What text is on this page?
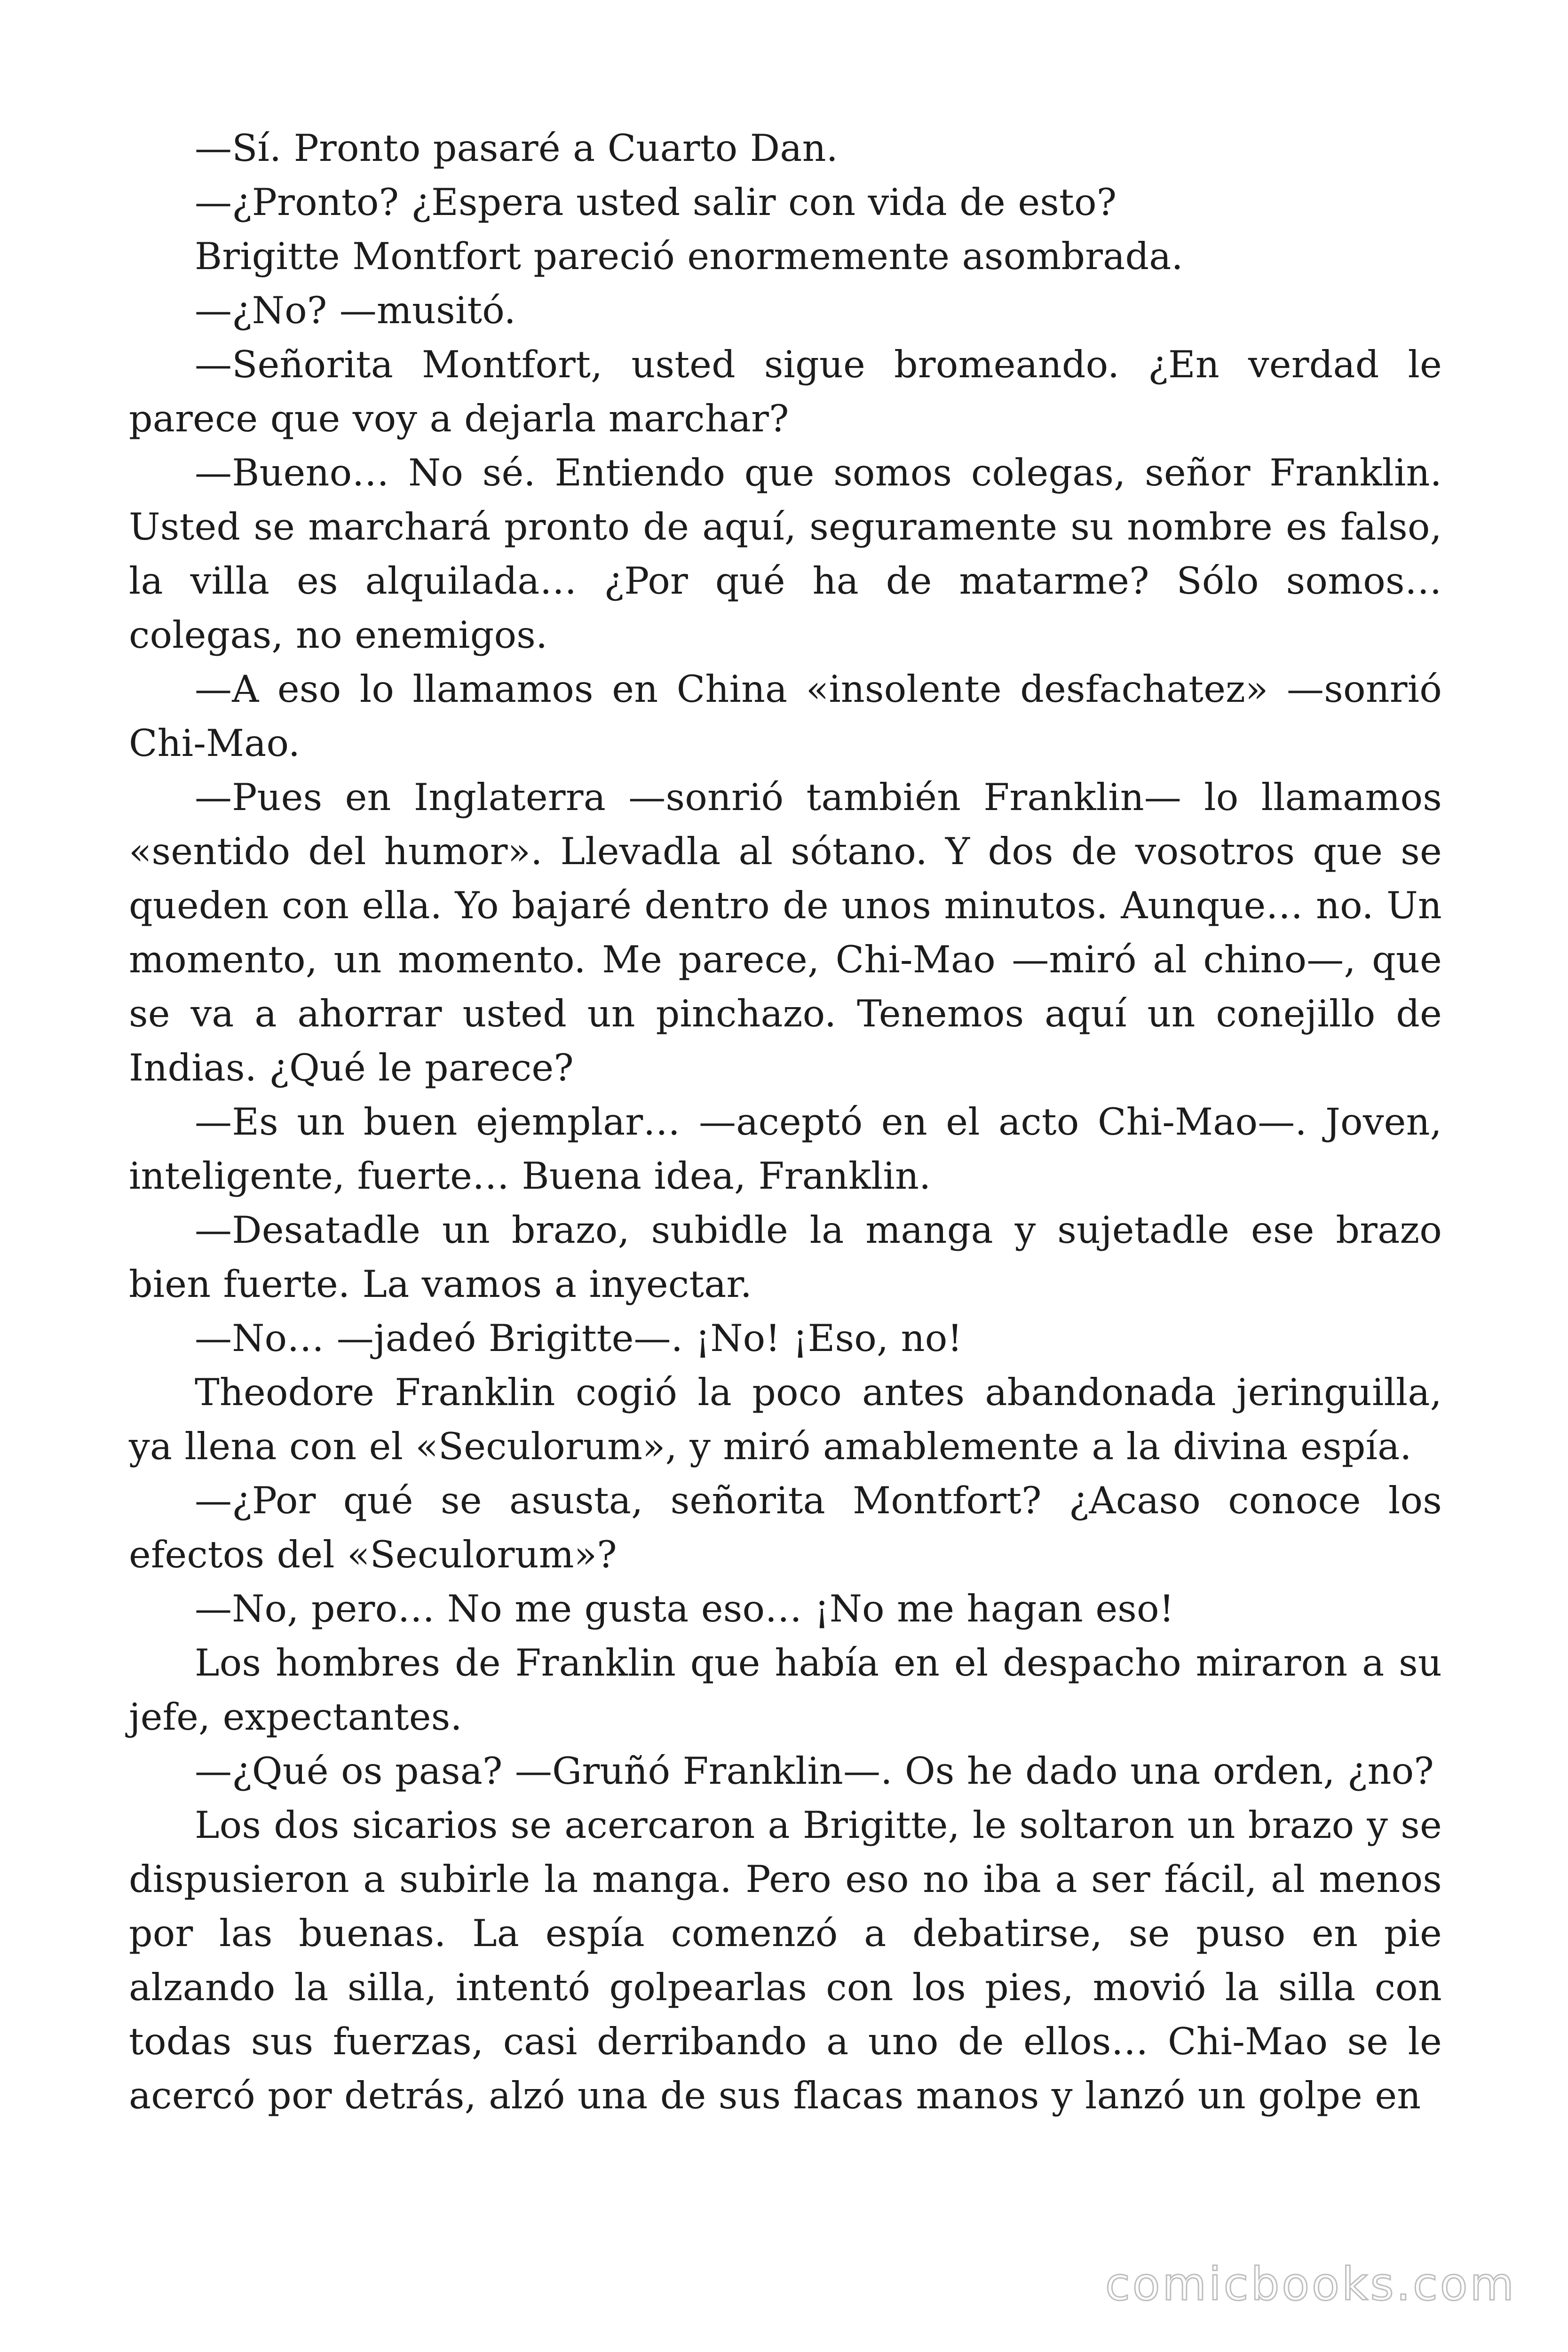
—Sí. Pronto pasaré a Cuarto Dan.

—¿Pronto? ¿Espera usted salir con vida de esto?

Brigitte Montfort pareció enormemente asombrada.

—¿No? —musitó.

—Señorita Montfort, usted sigue bromeando. ¿En verdad le parece que voy a dejarla marchar?

—Bueno… No sé. Entiendo que somos colegas, señor Franklin. Usted se marchará pronto de aquí, seguramente su nombre es falso, la villa es alquilada… ¿Por qué ha de matarme? Sólo somos… colegas, no enemigos.

—A eso lo llamamos en China «insolente desfachatez» —sonrió Chi-Mao.

—Pues en Inglaterra —sonrió también Franklin— lo llamamos «sentido del humor». Llevadla al sótano. Y dos de vosotros que se queden con ella. Yo bajaré dentro de unos minutos. Aunque… no. Un momento, un momento. Me parece, Chi-Mao —miró al chino—, que se va a ahorrar usted un pinchazo. Tenemos aquí un conejillo de Indias. ¿Qué le parece?

—Es un buen ejemplar… —aceptó en el acto Chi-Mao—. Joven, inteligente, fuerte… Buena idea, Franklin.

—Desatadle un brazo, subidle la manga y sujetadle ese brazo bien fuerte. La vamos a inyectar.

—No… —jadeó Brigitte—. ¡No! ¡Eso, no!

Theodore Franklin cogió la poco antes abandonada jeringuilla, ya llena con el «Seculorum», y miró amablemente a la divina espía.

—¿Por qué se asusta, señorita Montfort? ¿Acaso conoce los efectos del «Seculorum»?

—No, pero… No me gusta eso… ¡No me hagan eso!

Los hombres de Franklin que había en el despacho miraron a su jefe, expectantes.

—¿Qué os pasa? —Gruñó Franklin—. Os he dado una orden, ¿no?

Los dos sicarios se acercaron a Brigitte, le soltaron un brazo y se dispusieron a subirle la manga. Pero eso no iba a ser fácil, al menos por las buenas. La espía comenzó a debatirse, se puso en pie alzando la silla, intentó golpearlas con los pies, movió la silla con todas sus fuerzas, casi derribando a uno de ellos… Chi-Mao se le acercó por detrás, alzó una de sus flacas manos y lanzó un golpe en

comicbooks.com
